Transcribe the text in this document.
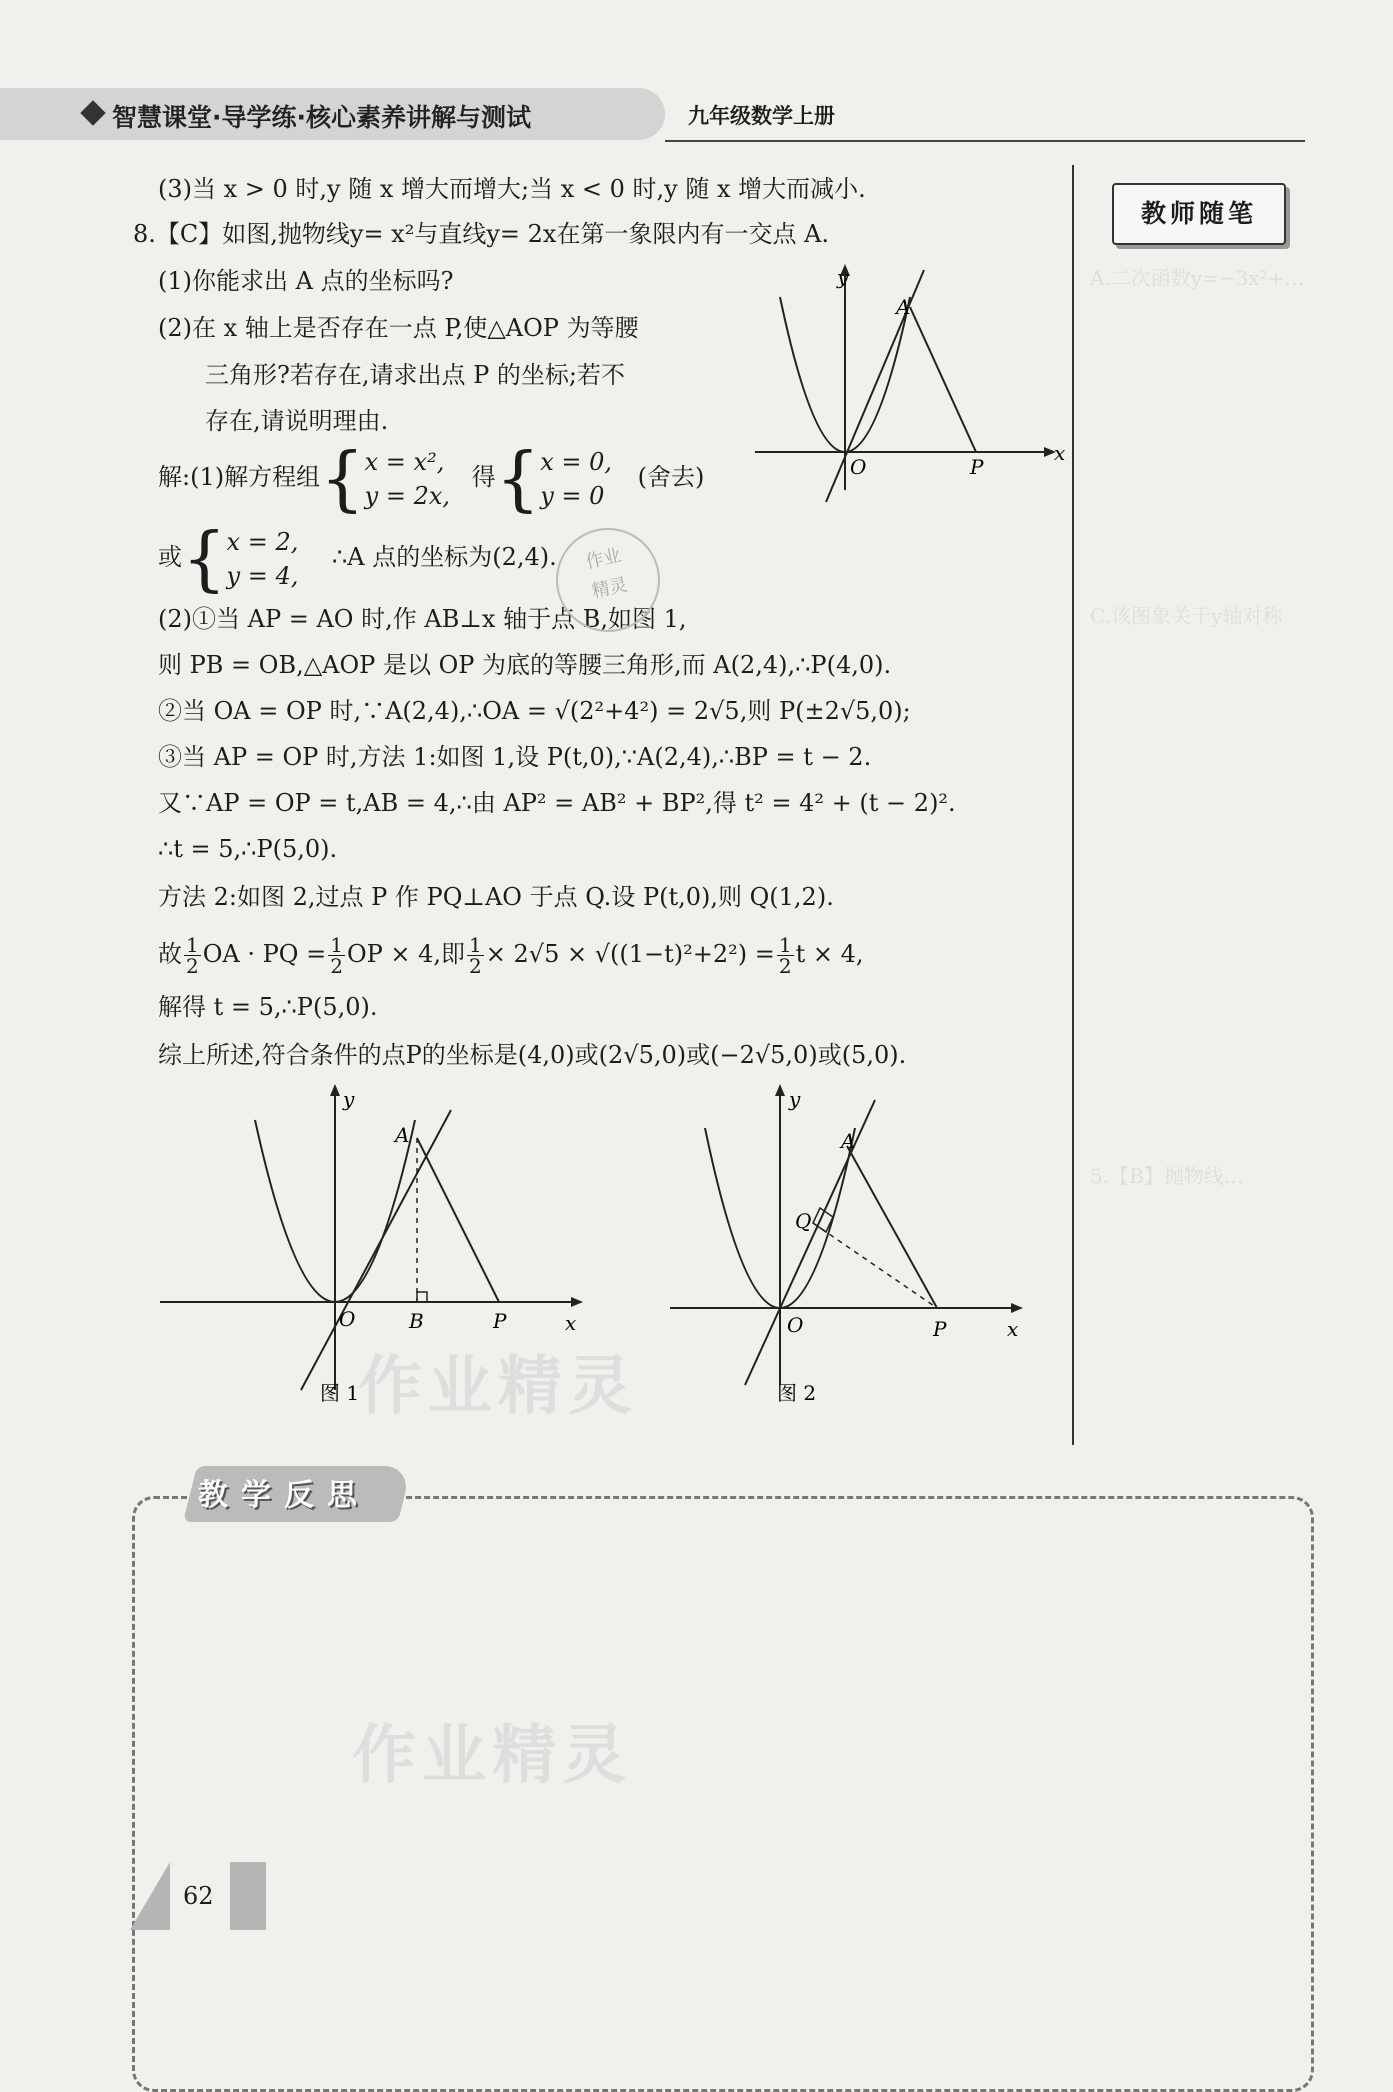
智慧课堂·导学练·核心素养讲解与测试	九年级数学上册
教师随笔
A.二次函数y=−3x²+…
C.该图象关于y轴对称
5.【B】抛物线…
(3)当 x > 0 时,y 随 x 增大而增大;当 x < 0 时,y 随 x 增大而减小.
8.【C】如图,抛物线y= x²与直线y= 2x在第一象限内有一交点 A.
(1)你能求出 A 点的坐标吗?
(2)在 x 轴上是否存在一点 P,使△AOP 为等腰
三角形?若存在,请求出点 P 的坐标;若不
存在,请说明理由.
解:(1)解方程组{ x = x²,
y = 2x,
得{ x = 0,
y = 0
(舍去)
或{ x = 2,
y = 4,
∴A 点的坐标为(2,4).
(2)①当 AP = AO 时,作 AB⊥x 轴于点 B,如图 1,
则 PB = OB,△AOP 是以 OP 为底的等腰三角形,而 A(2,4),∴P(4,0).
②当 OA = OP 时,∵A(2,4),∴OA = √(2²+4²) = 2√5,则 P(±2√5,0);
③当 AP = OP 时,方法 1:如图 1,设 P(t,0),∵A(2,4),∴BP = t − 2.
又∵AP = OP = t,AB = 4,∴由 AP² = AB² + BP²,得 t² = 4² + (t − 2)².
∴t = 5,∴P(5,0).
方法 2:如图 2,过点 P 作 PQ⊥AO 于点 Q.设 P(t,0),则 Q(1,2).
故 $\frac{1}{2}$ OA · PQ = $\frac{1}{2}$ OP × 4,即 $\frac{1}{2} \times 2√5 \times √((1-t)^2+2^2) = \frac{1}{2}$ t × 4,
解得 t = 5,∴P(5,0).
综上所述,符合条件的点P的坐标是(4,0)或(2√5,0)或(−2√5,0)或(5,0).
作业
精灵
y
x
A
O	P
y
x
A
O	B	P
图 1
y
x
A
Q
O	P
图 2
作业精灵
作业精灵
教学反思
62
